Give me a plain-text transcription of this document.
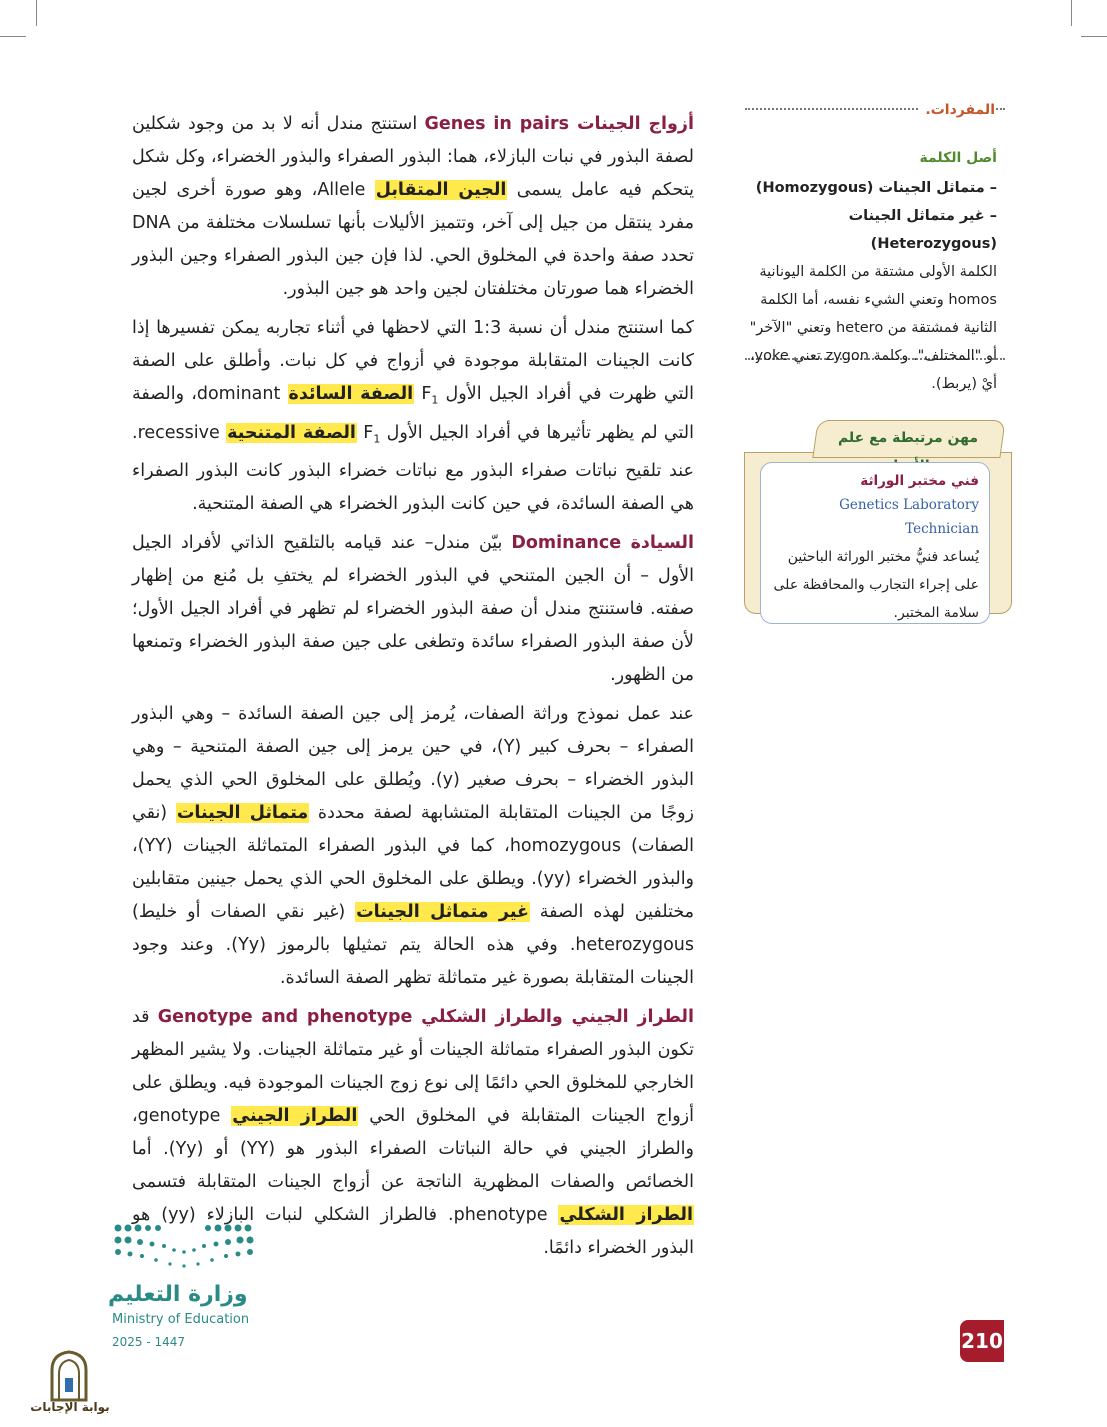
المفردات.
أصل الكلمة
– متماثل الجينات (Homozygous)
– غير متماثل الجينات (Heterozygous)
الكلمة الأولى مشتقة من الكلمة اليونانية homos وتعني الشيء نفسه، أما الكلمة الثانية فمشتقة من hetero وتعني "الآخر" أو "المختلف". وكلمة zygon تعني yoke، أيْ (يربط).
مهن مرتبطة مع علم
فني مختبر الوراثة
Genetics Laboratory Technician
يُساعد فنيُّ مختبر الوراثة الباحثين على إجراء التجارب والمحافظة على سلامة المختبر.

أزواج الجينات Genes in pairs استنتج مندل أنه لا بد من وجود شكلين لصفة البذور في نبات البازلاء، هما: البذور الصفراء والبذور الخضراء، وكل شكل يتحكم فيه عامل يسمى الجين المتقابل Allele، وهو صورة أخرى لجين مفرد ينتقل من جيل إلى آخر، وتتميز الأليلات بأنها تسلسلات مختلفة من DNA تحدد صفة واحدة في المخلوق الحي. لذا فإن جين البذور الصفراء وجين البذور الخضراء هما صورتان مختلفتان لجين واحد هو جين البذور.

كما استنتج مندل أن نسبة 1:3 التي لاحظها في أثناء تجاربه يمكن تفسيرها إذا كانت الجينات المتقابلة موجودة في أزواج في كل نبات. وأطلق على الصفة التي ظهرت في أفراد الجيل الأول $F_1$ الصفة السائدة dominant، والصفة التي لم يظهر تأثيرها في أفراد الجيل الأول $F_1$ الصفة المتنحية recessive. عند تلقيح نباتات صفراء البذور مع نباتات خضراء البذور كانت البذور الصفراء هي الصفة السائدة، في حين كانت البذور الخضراء هي الصفة المتنحية.

السيادة Dominance بيّن مندل– عند قيامه بالتلقيح الذاتي لأفراد الجيل الأول – أن الجين المتنحي في البذور الخضراء لم يختفِ بل مُنع من إظهار صفته. فاستنتج مندل أن صفة البذور الخضراء لم تظهر في أفراد الجيل الأول؛ لأن صفة البذور الصفراء سائدة وتطغى على جين صفة البذور الخضراء وتمنعها من الظهور.

عند عمل نموذج وراثة الصفات، يُرمز إلى جين الصفة السائدة – وهي البذور الصفراء – بحرف كبير (Y)، في حين يرمز إلى جين الصفة المتنحية – وهي البذور الخضراء – بحرف صغير (y). ويُطلق على المخلوق الحي الذي يحمل زوجًا من الجينات المتقابلة المتشابهة لصفة محددة متماثل الجينات (نقي الصفات) homozygous، كما في البذور الصفراء المتماثلة الجينات (YY)، والبذور الخضراء (yy). ويطلق على المخلوق الحي الذي يحمل جينين متقابلين مختلفين لهذه الصفة غير متماثل الجينات (غير نقي الصفات أو خليط) heterozygous. وفي هذه الحالة يتم تمثيلها بالرموز (Yy). وعند وجود الجينات المتقابلة بصورة غير متماثلة تظهر الصفة السائدة.

الطراز الجيني والطراز الشكلي Genotype and phenotype قد تكون البذور الصفراء متماثلة الجينات أو غير متماثلة الجينات. ولا يشير المظهر الخارجي للمخلوق الحي دائمًا إلى نوع زوج الجينات الموجودة فيه. ويطلق على أزواج الجينات المتقابلة في المخلوق الحي الطراز الجيني genotype، والطراز الجيني في حالة النباتات الصفراء البذور هو (YY) أو (Yy). أما الخصائص والصفات المظهرية الناتجة عن أزواج الجينات المتقابلة فتسمى الطراز الشكلي phenotype. فالطراز الشكلي لنبات البازلاء (yy) هو البذور الخضراء دائمًا.

210
وزارة التعليم
Ministry of Education
2025 - 1447
بوابة الإجابات
